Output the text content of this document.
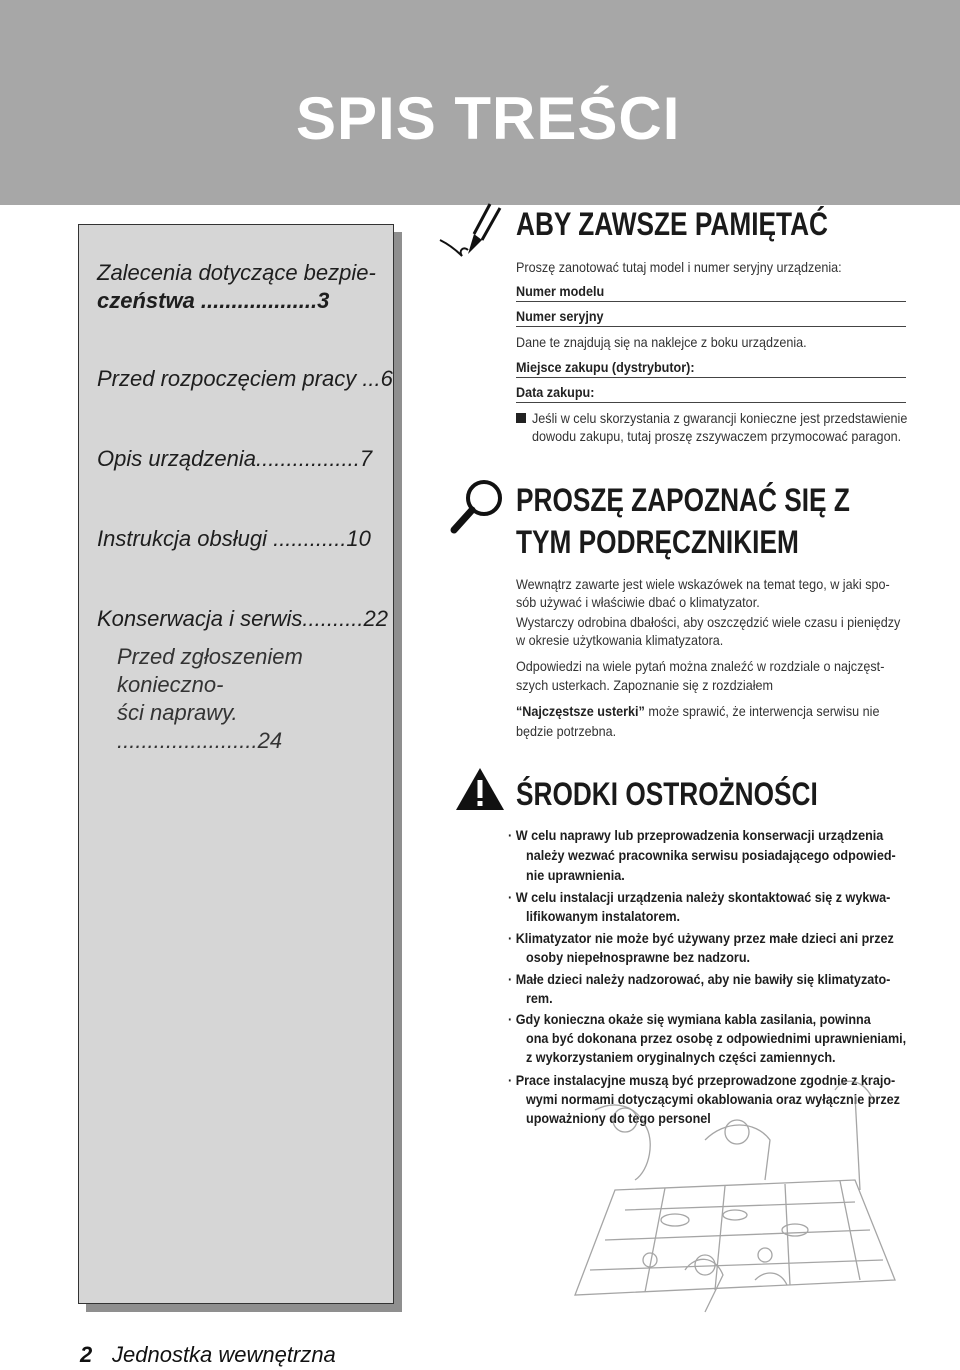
SPIS TREŚCI

Zalecenia dotyczące bezpie-
czeństwa ...................3

Przed rozpoczęciem pracy ...6

Opis urządzenia.................7

Instrukcja obsługi ............10

Konserwacja i serwis..........22

Przed zgłoszeniem konieczno-
ści naprawy. .......................24

ABY ZAWSZE PAMIĘTAĆ

Proszę zanotować tutaj model i numer seryjny urządzenia:

Numer modelu

Numer seryjny

Dane te znajdują się na naklejce z boku urządzenia.

Miejsce zakupu (dystrybutor):

Data zakupu:

Jeśli w celu skorzystania z gwarancji konieczne jest przedstawienie

dowodu zakupu, tutaj proszę zszywaczem przymocować paragon.

PROSZĘ ZAPOZNAĆ SIĘ Z
TYM PODRĘCZNIKIEM

Wewnątrz zawarte jest wiele wskazówek na temat tego, w jaki spo-

sób używać i właściwie dbać o klimatyzator.

Wystarczy odrobina dbałości, aby oszczędzić wiele czasu i pieniędzy

w okresie użytkowania klimatyzatora.

Odpowiedzi na wiele pytań można znaleźć w rozdziale o najczęst-

szych usterkach. Zapoznanie się z rozdziałem

“Najczęstsze usterki” może sprawić, że interwencja serwisu nie

będzie potrzebna.

ŚRODKI OSTROŻNOŚCI
· W celu naprawy lub przeprowadzenia konserwacji urządzenia
należy wezwać pracownika serwisu posiadającego odpowied-
nie uprawnienia.
· W celu instalacji urządzenia należy skontaktować się z wykwa-
lifikowanym instalatorem.
· Klimatyzator nie może być używany przez małe dzieci ani przez
osoby niepełnosprawne bez nadzoru.
· Małe dzieci należy nadzorować, aby nie bawiły się klimatyzato-
rem.
· Gdy konieczna okaże się wymiana kabla zasilania, powinna
ona być dokonana przez osobę z odpowiednimi uprawnieniami,
z wykorzystaniem oryginalnych części zamiennych.
· Prace instalacyjne muszą być przeprowadzone zgodnie z krajo-
wymi normami dotyczącymi okablowania oraz wyłącznie przez
upoważniony do tego personel

2 Jednostka wewnętrzna
